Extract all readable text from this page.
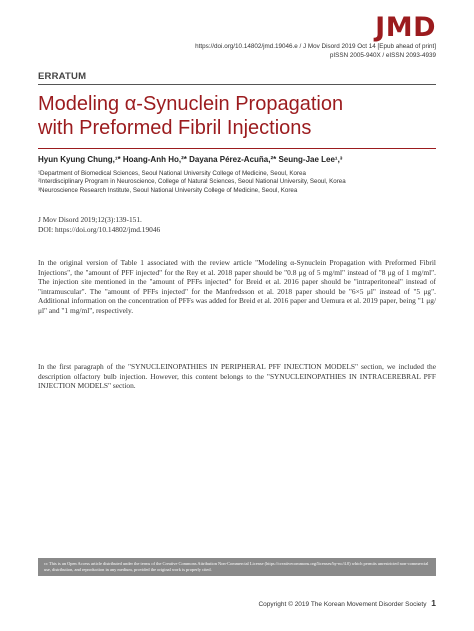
JMD
https://doi.org/10.14802/jmd.19046.e / J Mov Disord 2019 Oct 14 [Epub ahead of print]
pISSN 2005-940X / eISSN 2093-4939
ERRATUM
Modeling α-Synuclein Propagation
with Preformed Fibril Injections
Hyun Kyung Chung,¹* Hoang-Anh Ho,²* Dayana Pérez-Acuña,²* Seung-Jae Lee¹,³
¹Department of Biomedical Sciences, Seoul National University College of Medicine, Seoul, Korea
²Interdisciplinary Program in Neuroscience, College of Natural Sciences, Seoul National University, Seoul, Korea
³Neuroscience Research Institute, Seoul National University College of Medicine, Seoul, Korea
J Mov Disord 2019;12(3):139-151.
DOI: https://doi.org/10.14802/jmd.19046

In the original version of Table 1 associated with the review article "Modeling α-Synuclein Propagation with Preformed Fibril Injections", the "amount of PFF injected" for the Rey et al. 2018 paper should be "0.8 μg of 5 mg/ml" instead of "8 μg of 1 mg/ml". The injection site mentioned in the "amount of PFFs injected" for Breid et al. 2016 paper should be "intraperitoneal" instead of "intramuscular". The "amount of PFFs injected" for the Manfredsson et al. 2018 paper should be "6×5 μl" instead of "5 μg". Additional information on the concentration of PFFs was added for Breid et al. 2016 paper and Uemura et al. 2019 paper, being "1 μg/μl" and "1 mg/ml", respectively.

In the first paragraph of the "SYNUCLEINOPATHIES IN PERIPHERAL PFF INJECTION MODELS" section, we included the description olfactory bulb injection. However, this content belongs to the "SYNUCLEINOPATHIES IN INTRACEREBRAL PFF INJECTION MODELS" section.

cc This is an Open Access article distributed under the terms of the Creative Commons Attribution Non-Commercial License (https://creativecommons.org/licenses/by-nc/4.0) which permits unrestricted non-commercial use, distribution, and reproduction in any medium, provided the original work is properly cited.
Copyright © 2019 The Korean Movement Disorder Society 1
